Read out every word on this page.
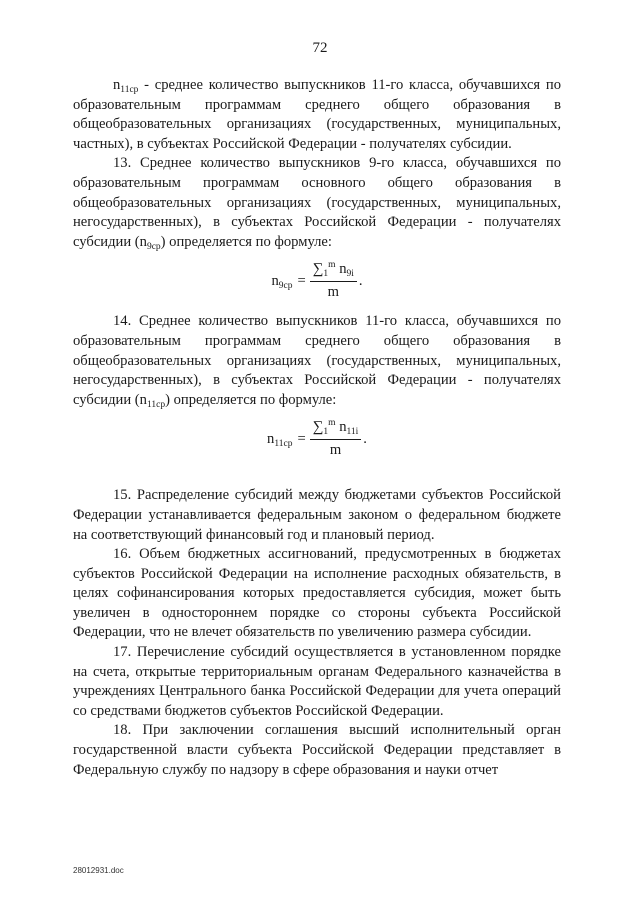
72

$n_{11ср}$ - среднее количество выпускников 11-го класса, обучавшихся по образовательным программам среднего общего образования в общеобразовательных организациях (государственных, муниципальных, частных), в субъектах Российской Федерации - получателях субсидии.

13. Среднее количество выпускников 9-го класса, обучавшихся по образовательным программам основного общего образования в общеобразовательных организациях (государственных, муниципальных, негосударственных), в субъектах Российской Федерации - получателях субсидии $(n_{9ср})$ определяется по формуле:

$n_{9ср} = \frac{\sum_1^m n_{9i}}{m}$ .

14. Среднее количество выпускников 11-го класса, обучавшихся по образовательным программам среднего общего образования в общеобразовательных организациях (государственных, муниципальных, негосударственных), в субъектах Российской Федерации - получателях субсидии $(n_{11ср})$ определяется по формуле:

$n_{11ср} = \frac{\sum_1^m n_{11i}}{m}$ .

15. Распределение субсидий между бюджетами субъектов Российской Федерации устанавливается федеральным законом о федеральном бюджете на соответствующий финансовый год и плановый период.

16. Объем бюджетных ассигнований, предусмотренных в бюджетах субъектов Российской Федерации на исполнение расходных обязательств, в целях софинансирования которых предоставляется субсидия, может быть увеличен в одностороннем порядке со стороны субъекта Российской Федерации, что не влечет обязательств по увеличению размера субсидии.

17. Перечисление субсидий осуществляется в установленном порядке на счета, открытые территориальным органам Федерального казначейства в учреждениях Центрального банка Российской Федерации для учета операций со средствами бюджетов субъектов Российской Федерации.

18. При заключении соглашения высший исполнительный орган государственной власти субъекта Российской Федерации представляет в Федеральную службу по надзору в сфере образования и науки отчет

28012931.doc
